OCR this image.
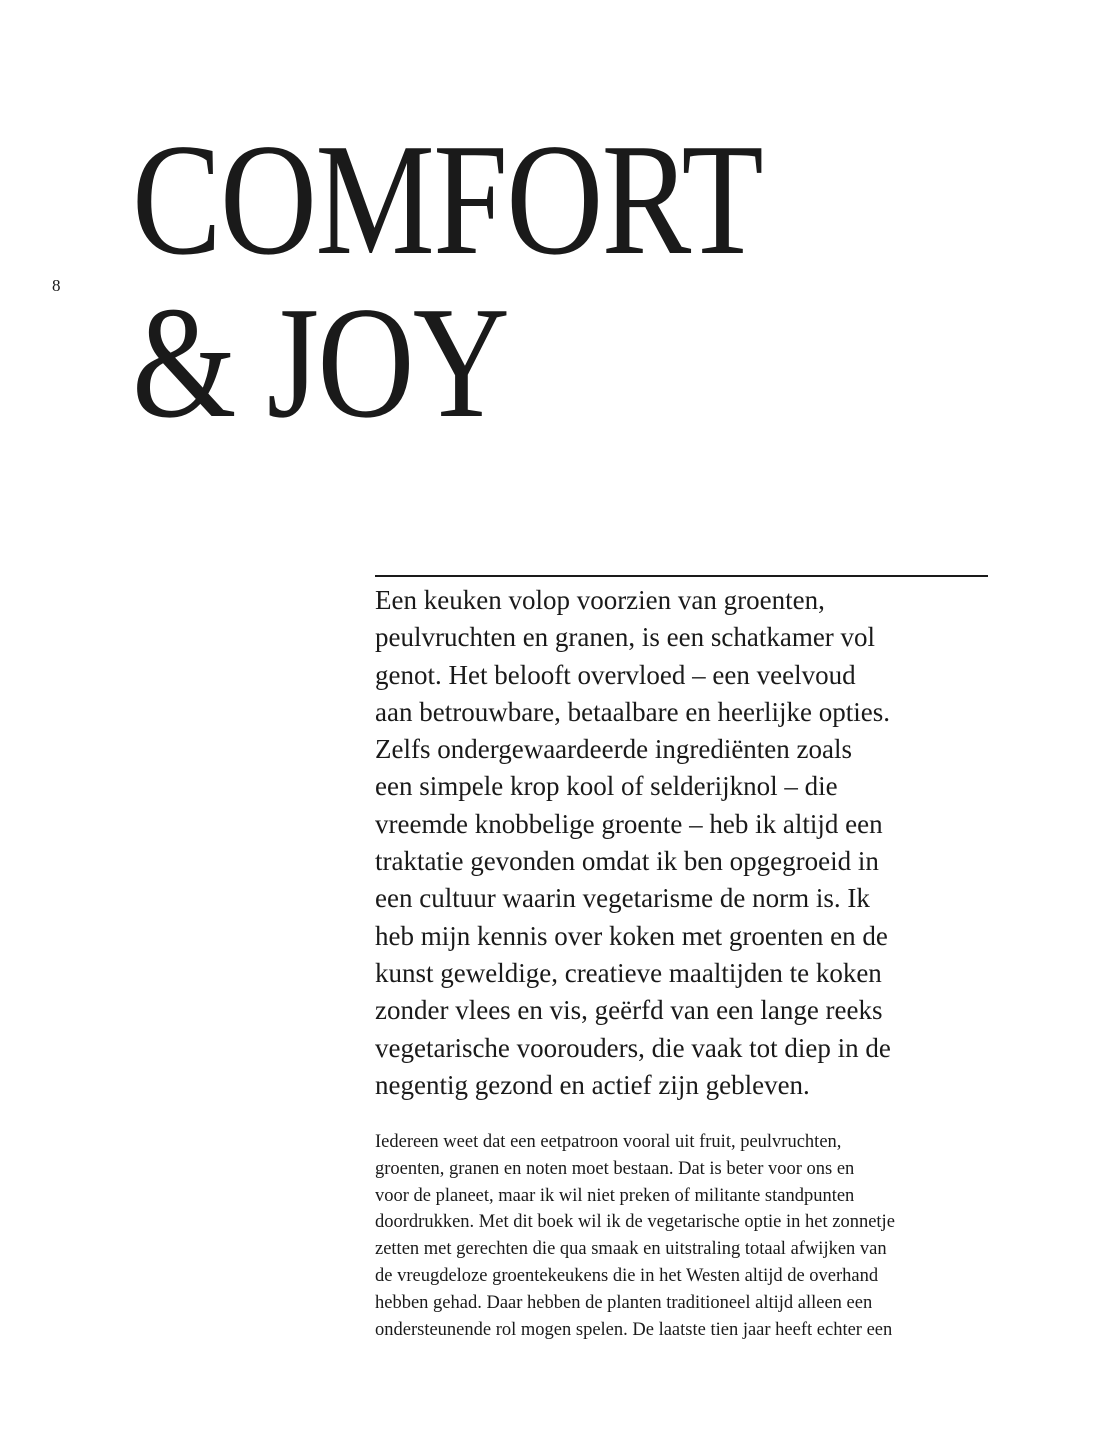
8 COMFORT
& JOY

Een keuken volop voorzien van groenten,
peulvruchten en granen, is een schatkamer vol
genot. Het belooft overvloed – een veelvoud
aan betrouwbare, betaalbare en heerlijke opties.
Zelfs ondergewaardeerde ingrediënten zoals
een simpele krop kool of selderijknol – die
vreemde knobbelige groente – heb ik altijd een
traktatie gevonden omdat ik ben opgegroeid in
een cultuur waarin vegetarisme de norm is. Ik
heb mijn kennis over koken met groenten en de
kunst geweldige, creatieve maaltijden te koken
zonder vlees en vis, geërfd van een lange reeks
vegetarische voorouders, die vaak tot diep in de
negentig gezond en actief zijn gebleven.

Iedereen weet dat een eetpatroon vooral uit fruit, peulvruchten,
groenten, granen en noten moet bestaan. Dat is beter voor ons en
voor de planeet, maar ik wil niet preken of militante standpunten
doordrukken. Met dit boek wil ik de vegetarische optie in het zonnetje
zetten met gerechten die qua smaak en uitstraling totaal afwijken van
de vreugdeloze groentekeukens die in het Westen altijd de overhand
hebben gehad. Daar hebben de planten traditioneel altijd alleen een
ondersteunende rol mogen spelen. De laatste tien jaar heeft echter een
